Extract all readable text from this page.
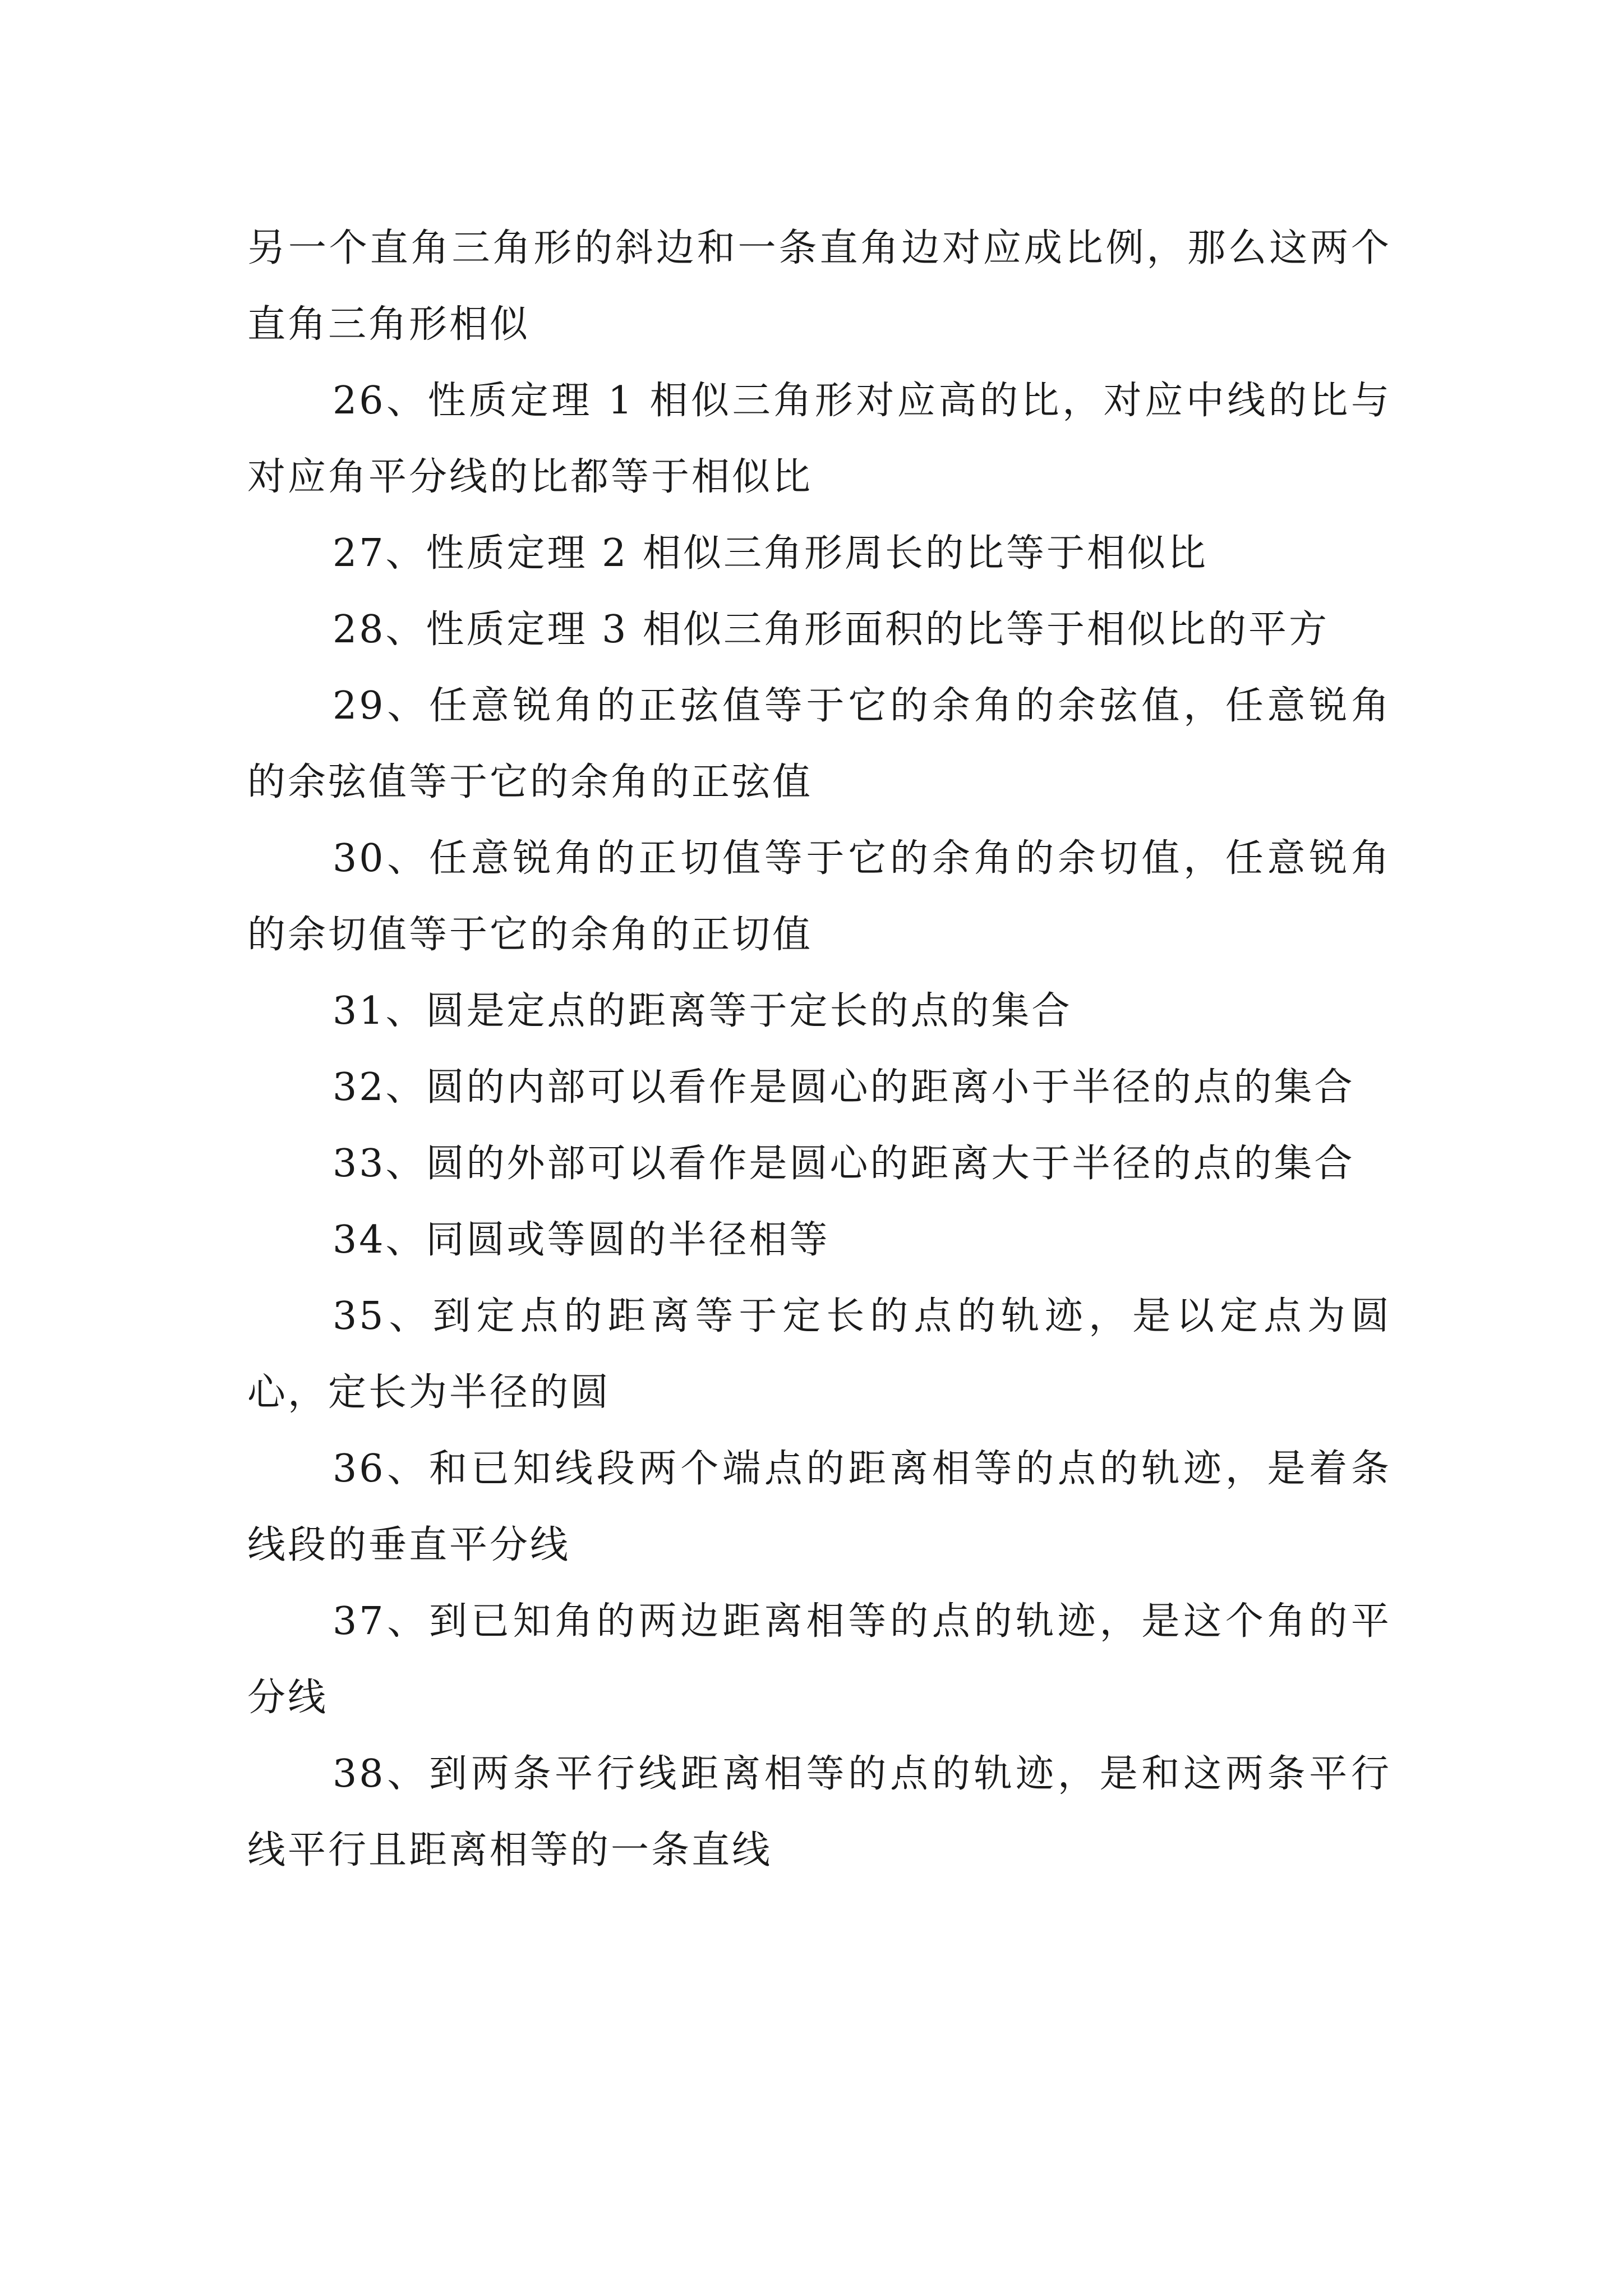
另一个直角三角形的斜边和一条直角边对应成比例，那么这两个直角三角形相似

26、性质定理 1 相似三角形对应高的比，对应中线的比与对应角平分线的比都等于相似比

27、性质定理 2 相似三角形周长的比等于相似比

28、性质定理 3 相似三角形面积的比等于相似比的平方

29、任意锐角的正弦值等于它的余角的余弦值，任意锐角的余弦值等于它的余角的正弦值

30、任意锐角的正切值等于它的余角的余切值，任意锐角的余切值等于它的余角的正切值

31、圆是定点的距离等于定长的点的集合

32、圆的内部可以看作是圆心的距离小于半径的点的集合

33、圆的外部可以看作是圆心的距离大于半径的点的集合

34、同圆或等圆的半径相等

35、到定点的距离等于定长的点的轨迹，是以定点为圆心，定长为半径的圆

36、和已知线段两个端点的距离相等的点的轨迹，是着条线段的垂直平分线

37、到已知角的两边距离相等的点的轨迹，是这个角的平分线

38、到两条平行线距离相等的点的轨迹，是和这两条平行线平行且距离相等的一条直线
